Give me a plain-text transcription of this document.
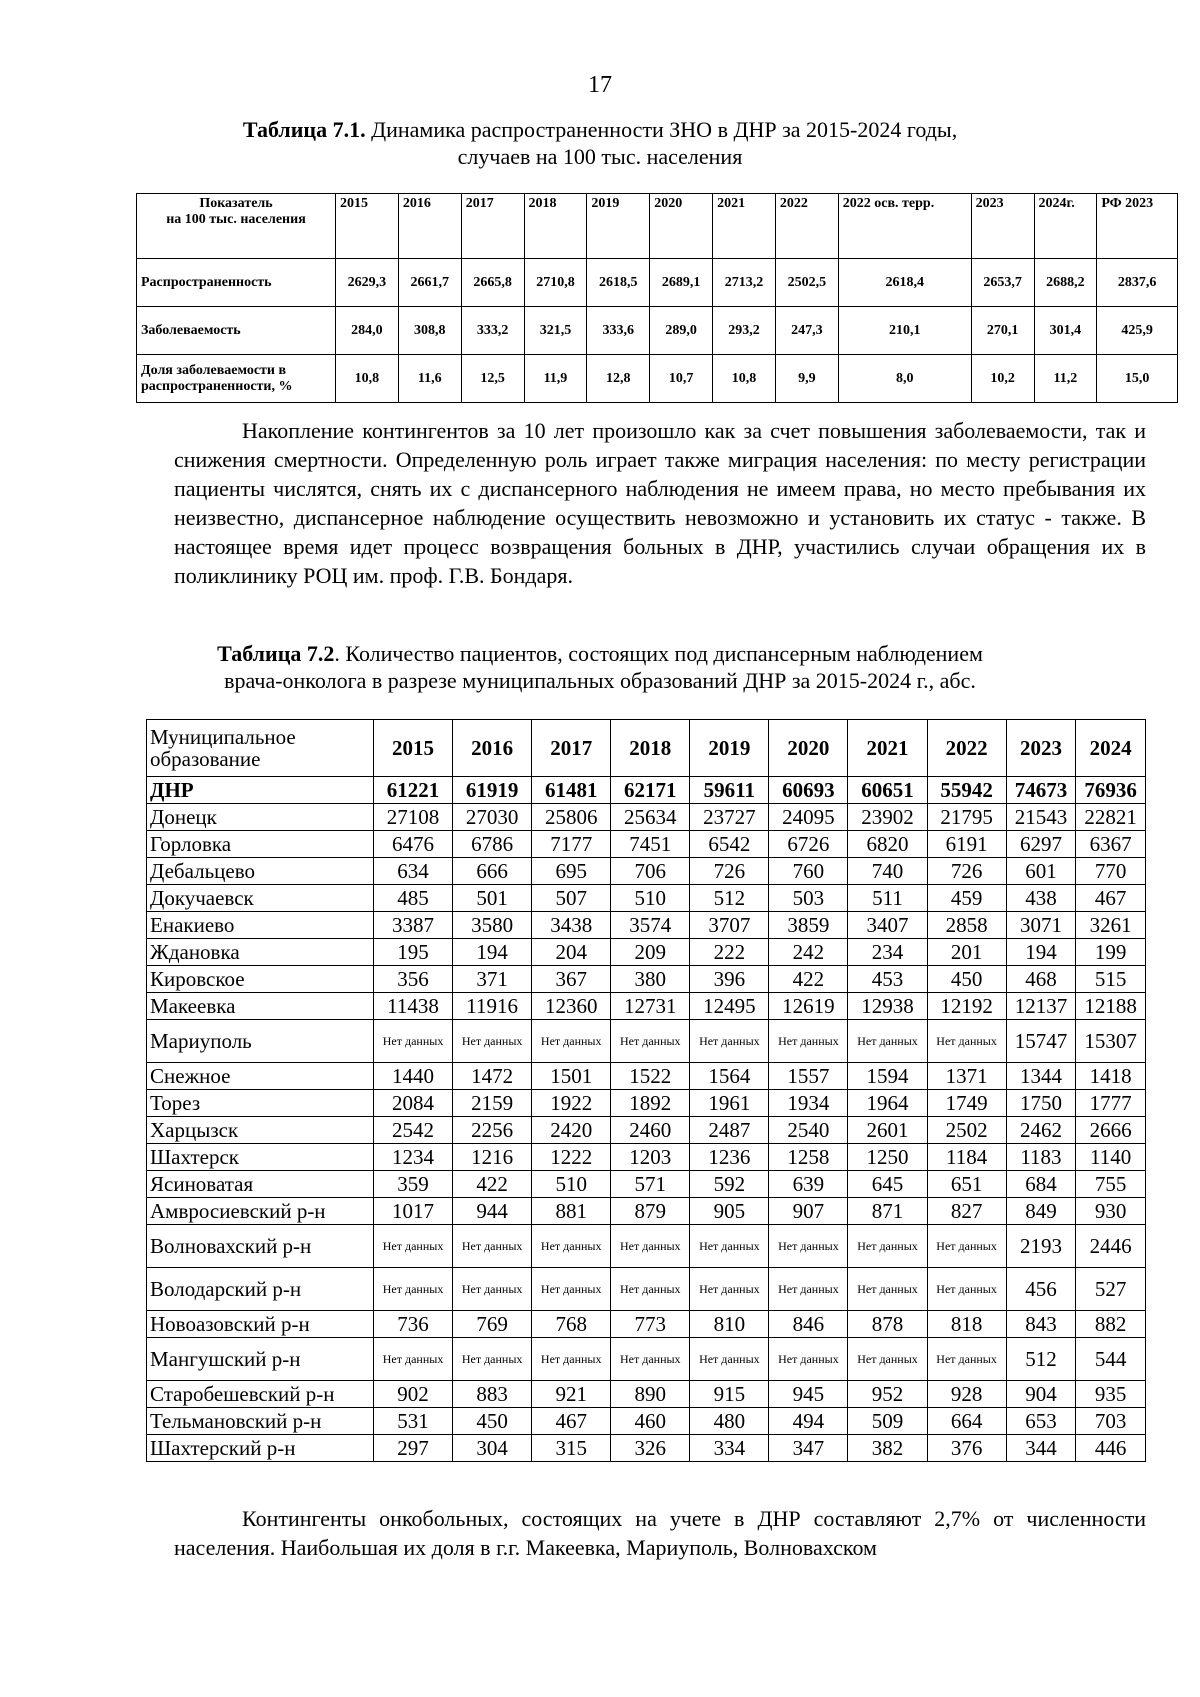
17
Таблица 7.1. Динамика распространенности ЗНО в ДНР за 2015-2024 годы,
случаев на 100 тыс. населения
Показатель
на 100 тыс. населения	2015	2016	2017	2018	2019	2020	2021	2022	2022 осв. терр.	2023	2024г.	РФ 2023
Распространенность	2629,3	2661,7	2665,8	2710,8	2618,5	2689,1	2713,2	2502,5	2618,4	2653,7	2688,2	2837,6
Заболеваемость	284,0	308,8	333,2	321,5	333,6	289,0	293,2	247,3	210,1	270,1	301,4	425,9
Доля заболеваемости в распространенности, %	10,8	11,6	12,5	11,9	12,8	10,7	10,8	9,9	8,0	10,2	11,2	15,0
Накопление контингентов за 10 лет произошло как за счет повышения заболеваемости, так и снижения смертности. Определенную роль играет также миграция населения: по месту регистрации пациенты числятся, снять их с диспансерного наблюдения не имеем права, но место пребывания их неизвестно, диспансерное наблюдение осуществить невозможно и установить их статус - также. В настоящее время идет процесс возвращения больных в ДНР, участились случаи обращения их в поликлинику РОЦ им. проф. Г.В. Бондаря.
Таблица 7.2. Количество пациентов, состоящих под диспансерным наблюдением
врача-онколога в разрезе муниципальных образований ДНР за 2015-2024 г., абс.
Муниципальное образование	2015	2016	2017	2018	2019	2020	2021	2022	2023	2024
ДНР	61221	61919	61481	62171	59611	60693	60651	55942	74673	76936
Донецк	27108	27030	25806	25634	23727	24095	23902	21795	21543	22821
Горловка	6476	6786	7177	7451	6542	6726	6820	6191	6297	6367
Дебальцево	634	666	695	706	726	760	740	726	601	770
Докучаевск	485	501	507	510	512	503	511	459	438	467
Енакиево	3387	3580	3438	3574	3707	3859	3407	2858	3071	3261
Ждановка	195	194	204	209	222	242	234	201	194	199
Кировское	356	371	367	380	396	422	453	450	468	515
Макеевка	11438	11916	12360	12731	12495	12619	12938	12192	12137	12188
Мариуполь	Нет данных	Нет данных	Нет данных	Нет данных	Нет данных	Нет данных	Нет данных	Нет данных	15747	15307
Снежное	1440	1472	1501	1522	1564	1557	1594	1371	1344	1418
Торез	2084	2159	1922	1892	1961	1934	1964	1749	1750	1777
Харцызск	2542	2256	2420	2460	2487	2540	2601	2502	2462	2666
Шахтерск	1234	1216	1222	1203	1236	1258	1250	1184	1183	1140
Ясиноватая	359	422	510	571	592	639	645	651	684	755
Амвросиевский р-н	1017	944	881	879	905	907	871	827	849	930
Волновахский р-н	Нет данных	Нет данных	Нет данных	Нет данных	Нет данных	Нет данных	Нет данных	Нет данных	2193	2446
Володарский р-н	Нет данных	Нет данных	Нет данных	Нет данных	Нет данных	Нет данных	Нет данных	Нет данных	456	527
Новоазовский р-н	736	769	768	773	810	846	878	818	843	882
Мангушский р-н	Нет данных	Нет данных	Нет данных	Нет данных	Нет данных	Нет данных	Нет данных	Нет данных	512	544
Старобешевский р-н	902	883	921	890	915	945	952	928	904	935
Тельмановский р-н	531	450	467	460	480	494	509	664	653	703
Шахтерский р-н	297	304	315	326	334	347	382	376	344	446
Контингенты онкобольных, состоящих на учете в ДНР составляют 2,7% от численности населения. Наибольшая их доля в г.г. Макеевка, Мариуполь, Волновахском
